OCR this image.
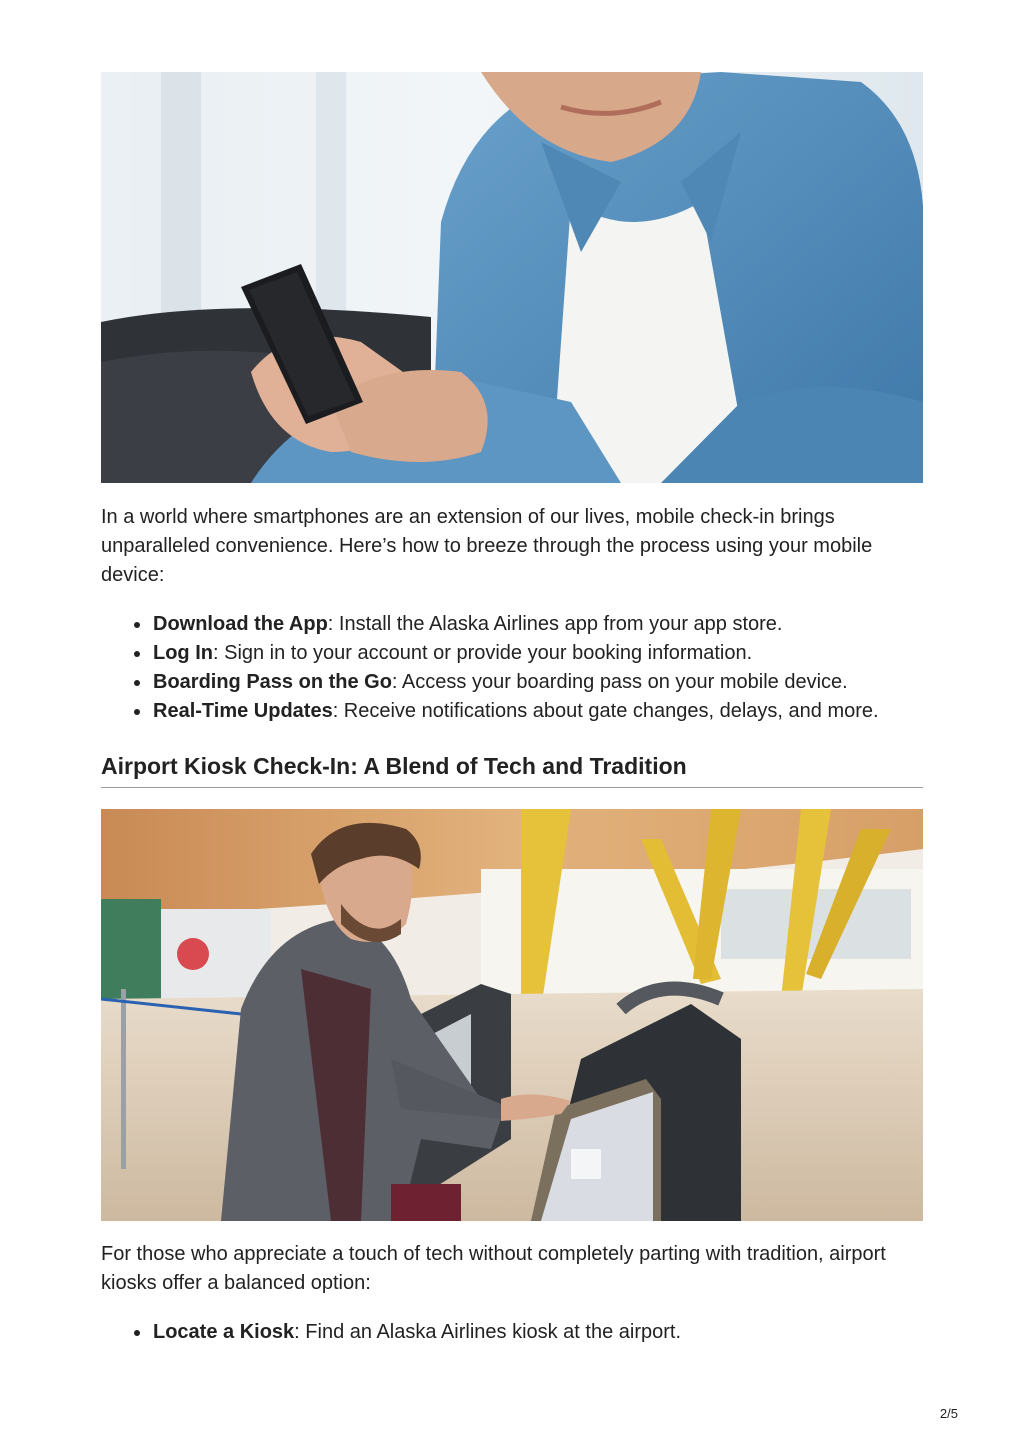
In a world where smartphones are an extension of our lives, mobile check-in brings unparalleled convenience. Here’s how to breeze through the process using your mobile device:

Download the App: Install the Alaska Airlines app from your app store.
Log In: Sign in to your account or provide your booking information.
Boarding Pass on the Go: Access your boarding pass on your mobile device.
Real-Time Updates: Receive notifications about gate changes, delays, and more.
Airport Kiosk Check-In: A Blend of Tech and Tradition

For those who appreciate a touch of tech without completely parting with tradition, airport kiosks offer a balanced option:

Locate a Kiosk: Find an Alaska Airlines kiosk at the airport.
2/5
